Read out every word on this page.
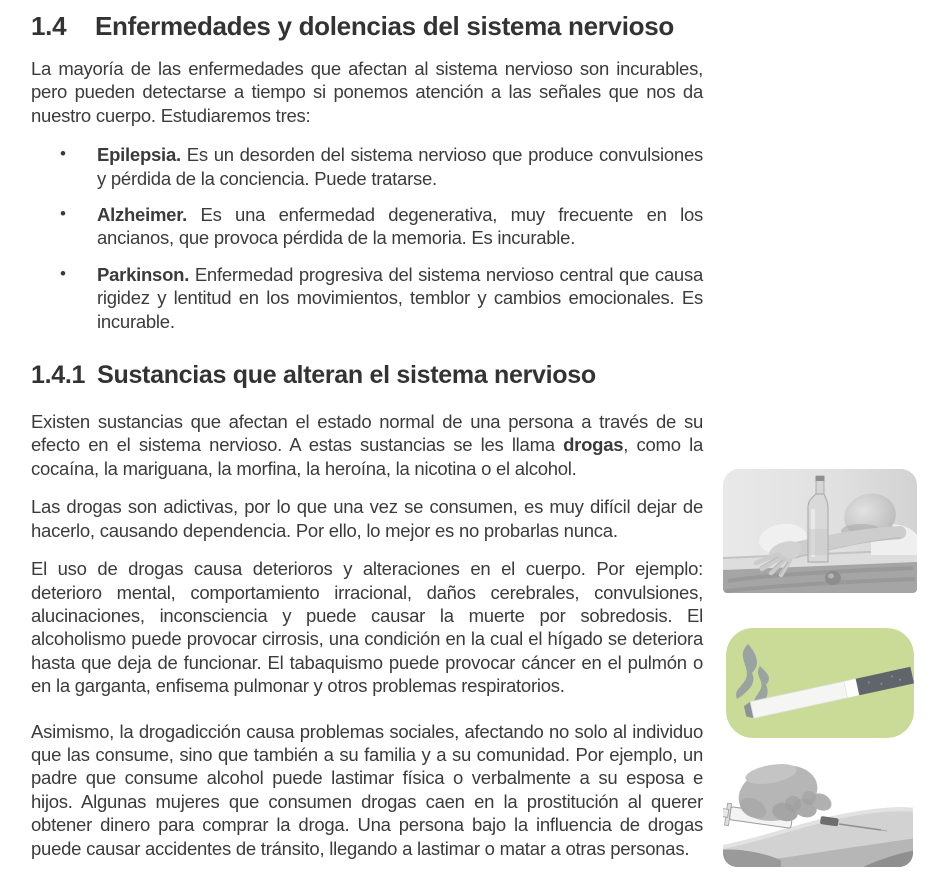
1.4	Enfermedades y dolencias del sistema nervioso

La mayoría de las enfermedades que afectan al sistema nervioso son incurables, pero pueden detectarse a tiempo si ponemos atención a las señales que nos da nuestro cuerpo. Estudiaremos tres:

• Epilepsia. Es un desorden del sistema nervioso que produce convulsiones y pérdida de la conciencia. Puede tratarse.
• Alzheimer. Es una enfermedad degenerativa, muy frecuente en los ancianos, que provoca pérdida de la memoria. Es incurable.
• Parkinson. Enfermedad progresiva del sistema nervioso central que causa rigidez y lentitud en los movimientos, temblor y cambios emocionales. Es incurable.
1.4.1 Sustancias que alteran el sistema nervioso

Existen sustancias que afectan el estado normal de una persona a través de su efecto en el sistema nervioso. A estas sustancias se les llama drogas, como la cocaína, la mariguana, la morfina, la heroína, la nicotina o el alcohol.

Las drogas son adictivas, por lo que una vez se consumen, es muy difícil dejar de hacerlo, causando dependencia. Por ello, lo mejor es no probarlas nunca.

El uso de drogas causa deterioros y alteraciones en el cuerpo. Por ejemplo: deterioro mental, comportamiento irracional, daños cerebrales, convulsiones, alucinaciones, inconsciencia y puede causar la muerte por sobredosis. El alcoholismo puede provocar cirrosis, una condición en la cual el hígado se deteriora hasta que deja de funcionar. El tabaquismo puede provocar cáncer en el pulmón o en la garganta, enfisema pulmonar y otros problemas respiratorios.

Asimismo, la drogadicción causa problemas sociales, afectando no solo al individuo que las consume, sino que también a su familia y a su comunidad. Por ejemplo, un padre que consume alcohol puede lastimar física o verbalmente a su esposa e hijos. Algunas mujeres que consumen drogas caen en la prostitución al querer obtener dinero para comprar la droga. Una persona bajo la influencia de drogas puede causar accidentes de tránsito, llegando a lastimar o matar a otras personas.
